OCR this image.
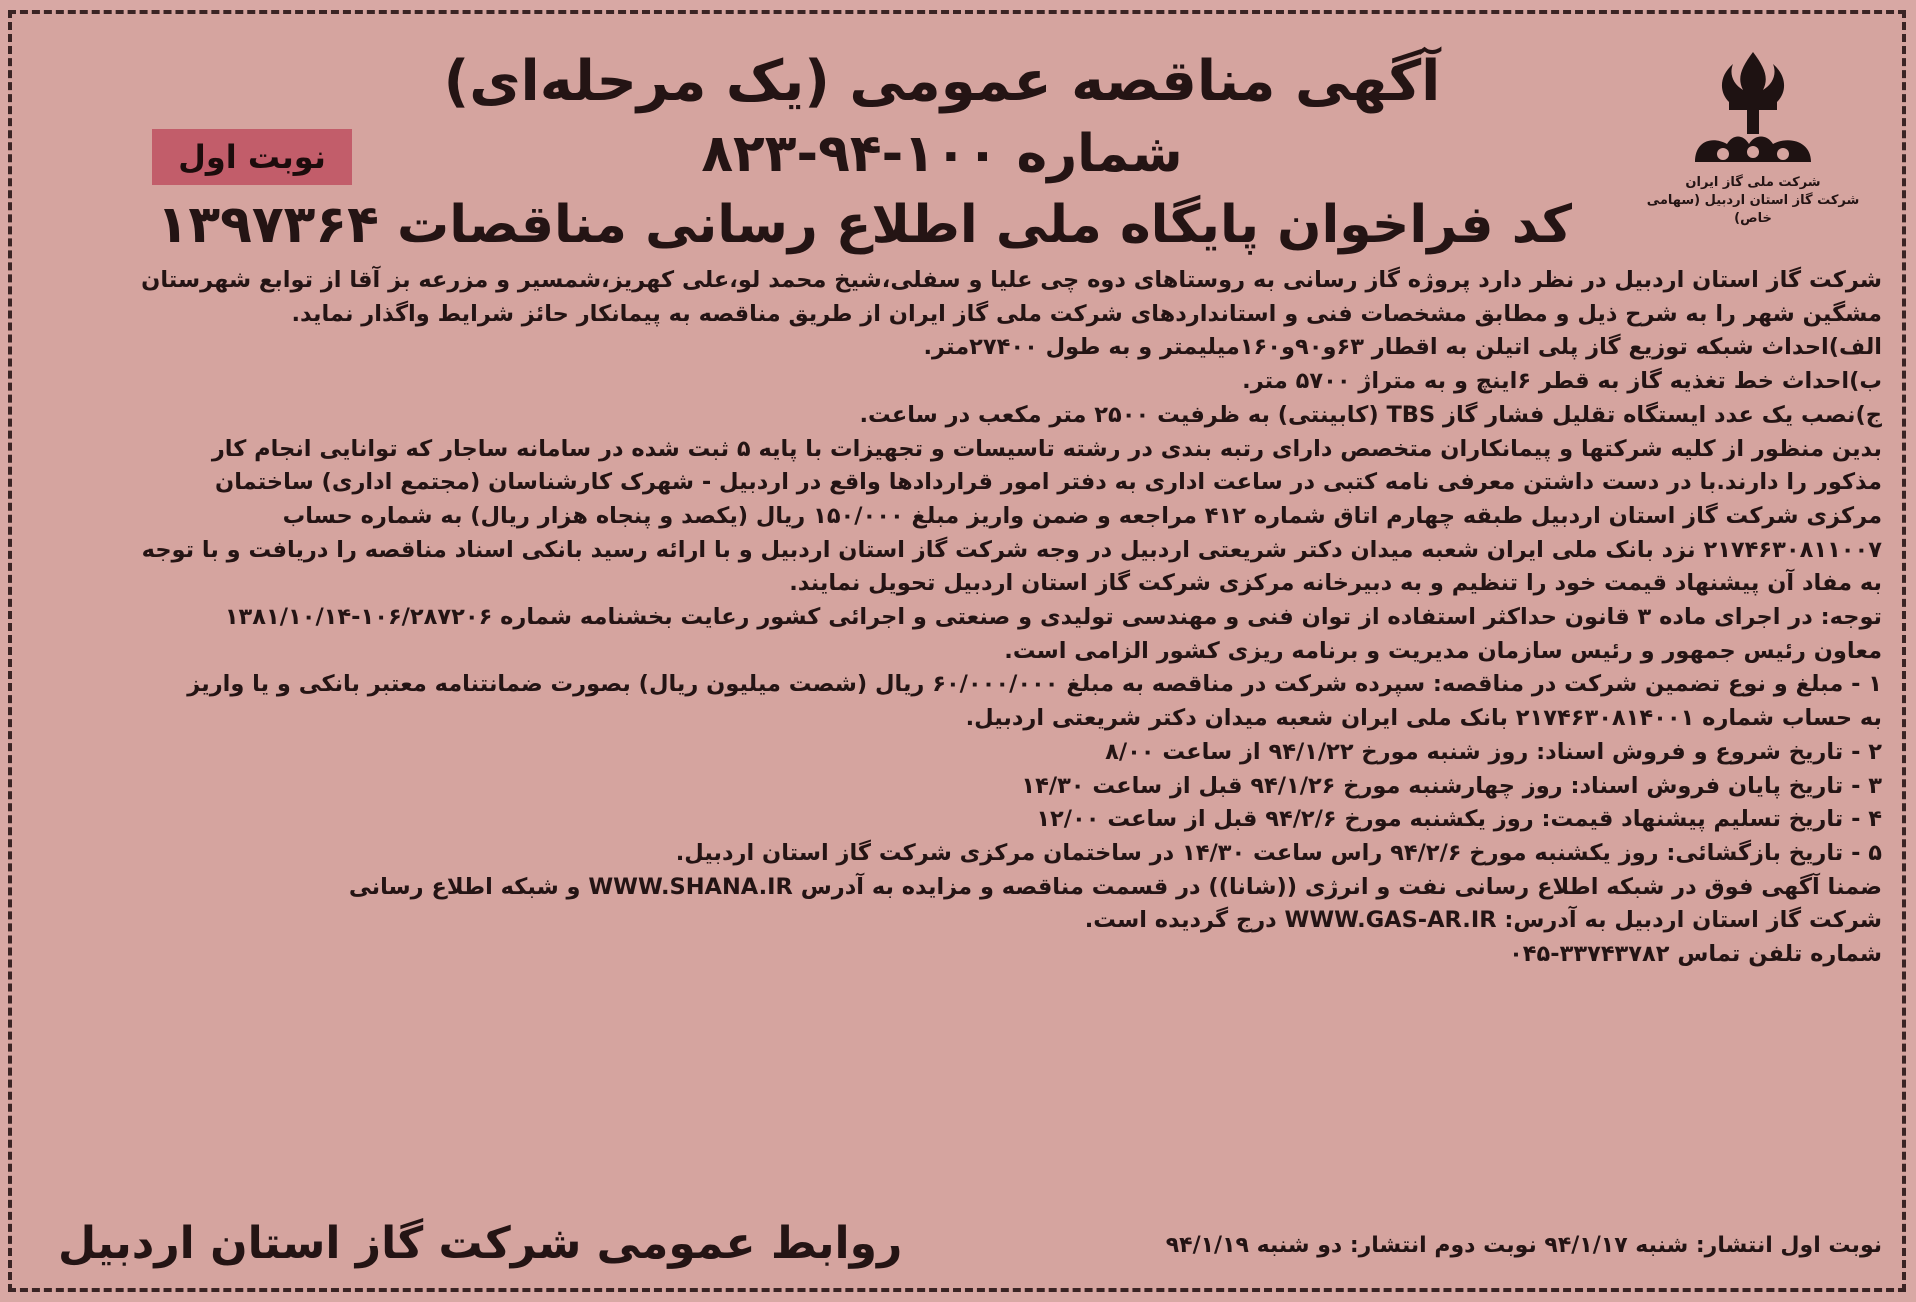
شرکت ملی گاز ایران
شرکت گاز استان اردبیل (سهامی خاص)
نوبت اول
آگهی مناقصه عمومی (یک مرحله‌ای)
شماره ۱۰۰-۹۴-۸۲۳
کد فراخوان پایگاه ملی اطلاع رسانی مناقصات ۱۳۹۷۳۶۴
شرکت گاز استان اردبیل در نظر دارد پروژه گاز رسانی به روستاهای دوه چی علیا و سفلی،شیخ محمد لو،علی کهریز،شمسیر و مزرعه بز آقا از توابع شهرستان
مشگین شهر را به شرح ذیل و مطابق مشخصات فنی و استانداردهای شرکت ملی گاز ایران از طریق مناقصه به پیمانکار حائز شرایط واگذار نماید.
الف)احداث شبکه توزیع گاز پلی اتیلن به اقطار ۶۳و۹۰و۱۶۰میلیمتر و به طول ۲۷۴۰۰متر.
ب)احداث خط تغذیه گاز به قطر ۶اینچ و به متراژ ۵۷۰۰ متر.
ج)نصب یک عدد ایستگاه تقلیل فشار گاز TBS (کابینتی) به ظرفیت ۲۵۰۰ متر مکعب در ساعت.
بدین منظور از کلیه شرکتها و پیمانکاران متخصص دارای رتبه بندی در رشته تاسیسات و تجهیزات با پایه ۵ ثبت شده در سامانه ساجار که توانایی انجام کار
مذکور را دارند.با در دست داشتن معرفی نامه کتبی در ساعت اداری به دفتر امور قراردادها واقع در اردبیل - شهرک کارشناسان (مجتمع اداری) ساختمان
مرکزی شرکت گاز استان اردبیل طبقه چهارم اتاق شماره ۴۱۲ مراجعه و ضمن واریز مبلغ ۱۵۰/۰۰۰ ریال (یکصد و پنجاه هزار ریال) به شماره حساب
۲۱۷۴۶۳۰۸۱۱۰۰۷ نزد بانک ملی ایران شعبه میدان دکتر شریعتی اردبیل در وجه شرکت گاز استان اردبیل و با ارائه رسید بانکی اسناد مناقصه را دریافت و با توجه
به مفاد آن پیشنهاد قیمت خود را تنظیم و به دبیرخانه مرکزی شرکت گاز استان اردبیل تحویل نمایند.
توجه: در اجرای ماده ۳ قانون حداکثر استفاده از توان فنی و مهندسی تولیدی و صنعتی و اجرائی کشور رعایت بخشنامه شماره ۱۰۶/۲۸۷۲۰۶-۱۳۸۱/۱۰/۱۴
معاون رئیس جمهور و رئیس سازمان مدیریت و برنامه ریزی کشور الزامی است.
۱ - مبلغ و نوع تضمین شرکت در مناقصه: سپرده شرکت در مناقصه به مبلغ ۶۰/۰۰۰/۰۰۰ ریال (شصت میلیون ریال) بصورت ضمانتنامه معتبر بانکی و یا واریز
به حساب شماره ۲۱۷۴۶۳۰۸۱۴۰۰۱ بانک ملی ایران شعبه میدان دکتر شریعتی اردبیل.
۲ - تاریخ شروع و فروش اسناد: روز شنبه مورخ ۹۴/۱/۲۲ از ساعت ۸/۰۰
۳ - تاریخ پایان فروش اسناد: روز چهارشنبه مورخ ۹۴/۱/۲۶ قبل از ساعت ۱۴/۳۰
۴ - تاریخ تسلیم پیشنهاد قیمت: روز یکشنبه مورخ ۹۴/۲/۶ قبل از ساعت ۱۲/۰۰
۵ - تاریخ بازگشائی: روز یکشنبه مورخ ۹۴/۲/۶ راس ساعت ۱۴/۳۰ در ساختمان مرکزی شرکت گاز استان اردبیل.
ضمنا آگهی فوق در شبکه اطلاع رسانی نفت و انرژی ((شانا)) در قسمت مناقصه و مزایده به آدرس WWW.SHANA.IR و شبکه اطلاع رسانی
شرکت گاز استان اردبیل به آدرس: WWW.GAS-AR.IR درج گردیده است.
شماره تلفن تماس ۳۳۷۴۳۷۸۲-۰۴۵
نوبت اول انتشار: شنبه ۹۴/۱/۱۷ نوبت دوم انتشار: دو شنبه ۹۴/۱/۱۹
روابط عمومی شرکت گاز استان اردبیل
